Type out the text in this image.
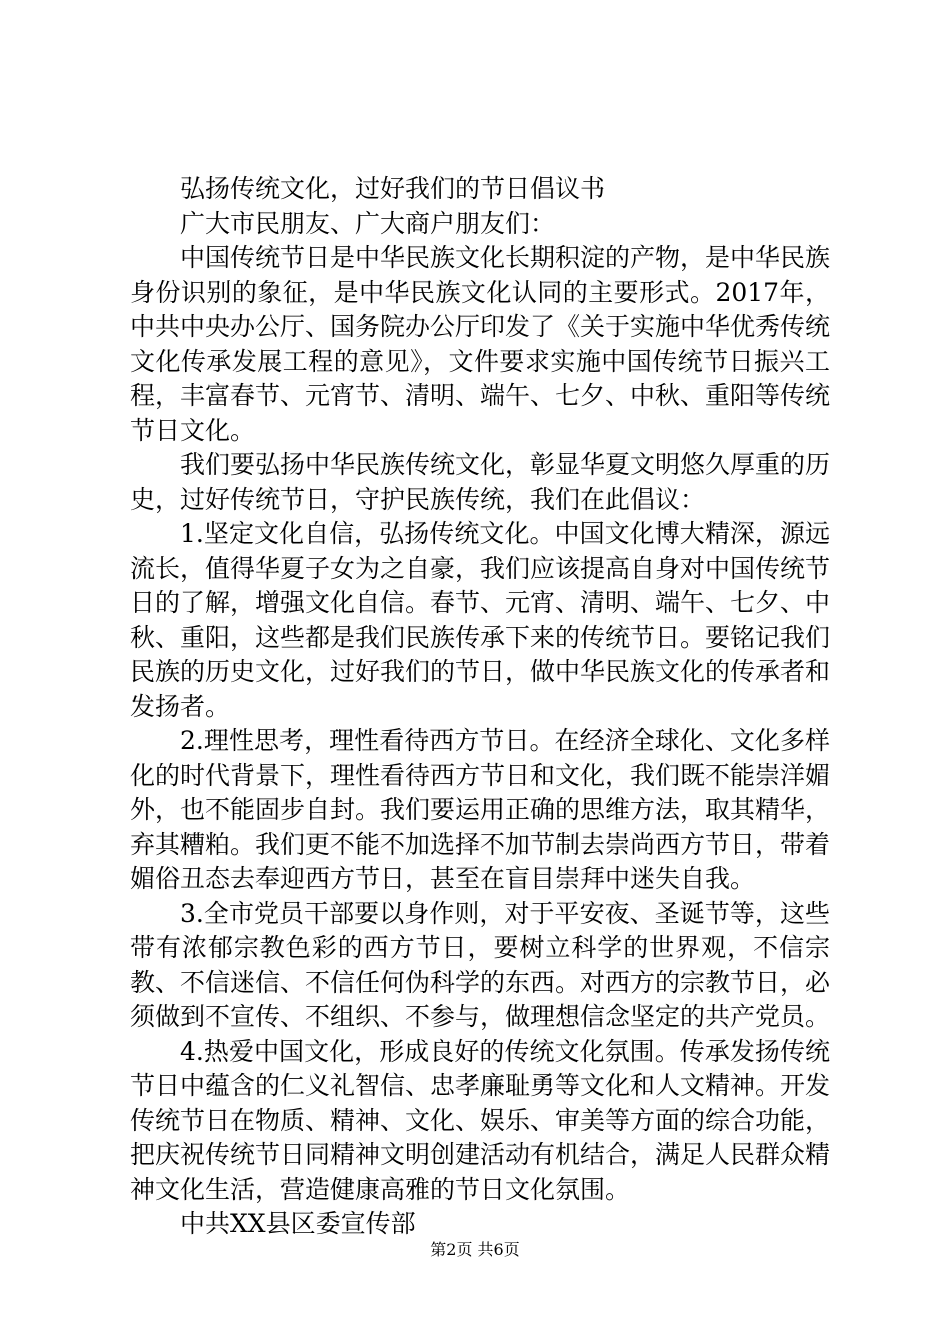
弘扬传统文化，过好我们的节日倡议书

广大市民朋友、广大商户朋友们：

中国传统节日是中华民族文化长期积淀的产物，是中华民族身份识别的象征，是中华民族文化认同的主要形式。2017年，中共中央办公厅、国务院办公厅印发了《关于实施中华优秀传统文化传承发展工程的意见》，文件要求实施中国传统节日振兴工程，丰富春节、元宵节、清明、端午、七夕、中秋、重阳等传统节日文化。

我们要弘扬中华民族传统文化，彰显华夏文明悠久厚重的历史，过好传统节日，守护民族传统，我们在此倡议：

1.坚定文化自信，弘扬传统文化。中国文化博大精深，源远流长，值得华夏子女为之自豪，我们应该提高自身对中国传统节日的了解，增强文化自信。春节、元宵、清明、端午、七夕、中秋、重阳，这些都是我们民族传承下来的传统节日。要铭记我们民族的历史文化，过好我们的节日，做中华民族文化的传承者和发扬者。

2.理性思考，理性看待西方节日。在经济全球化、文化多样化的时代背景下，理性看待西方节日和文化，我们既不能崇洋媚外，也不能固步自封。我们要运用正确的思维方法，取其精华，弃其糟粕。我们更不能不加选择不加节制去崇尚西方节日，带着媚俗丑态去奉迎西方节日，甚至在盲目崇拜中迷失自我。

3.全市党员干部要以身作则，对于平安夜、圣诞节等，这些带有浓郁宗教色彩的西方节日，要树立科学的世界观，不信宗教、不信迷信、不信任何伪科学的东西。对西方的宗教节日，必须做到不宣传、不组织、不参与，做理想信念坚定的共产党员。

4.热爱中国文化，形成良好的传统文化氛围。传承发扬传统节日中蕴含的仁义礼智信、忠孝廉耻勇等文化和人文精神。开发传统节日在物质、精神、文化、娱乐、审美等方面的综合功能，把庆祝传统节日同精神文明创建活动有机结合，满足人民群众精神文化生活，营造健康高雅的节日文化氛围。

中共XX县区委宣传部

第2页 共6页
